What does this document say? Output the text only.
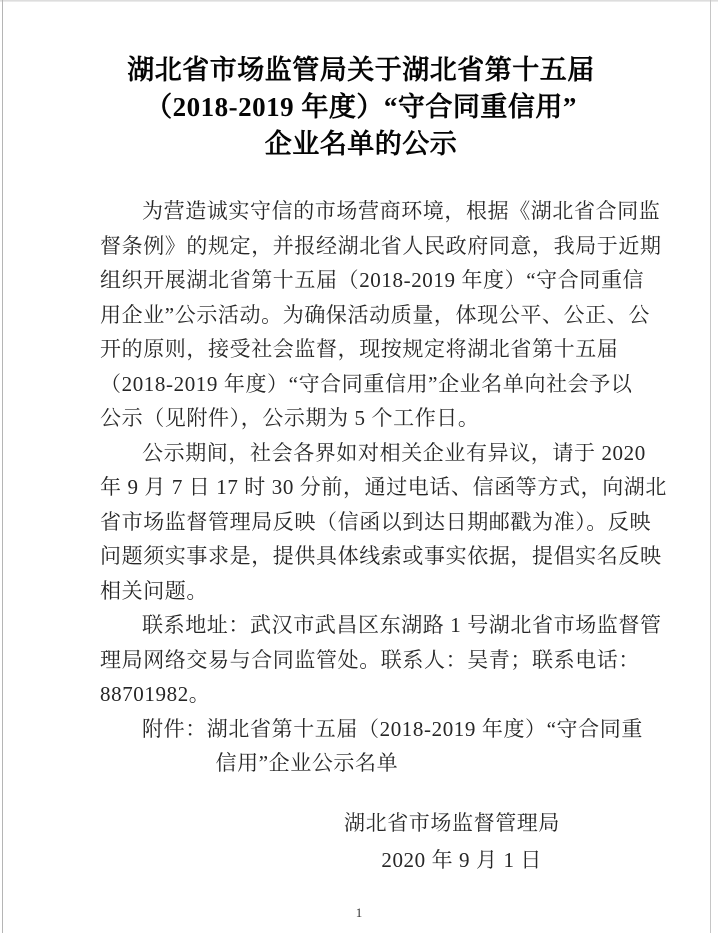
湖北省市场监管局关于湖北省第十五届
（2018-2019 年度）“守合同重信用”
企业名单的公示
为营造诚实守信的市场营商环境，根据《湖北省合同监
督条例》的规定，并报经湖北省人民政府同意，我局于近期
组织开展湖北省第十五届（2018-2019 年度）“守合同重信
用企业”公示活动。为确保活动质量，体现公平、公正、公
开的原则，接受社会监督，现按规定将湖北省第十五届
（2018-2019 年度）“守合同重信用”企业名单向社会予以
公示（见附件），公示期为 5 个工作日。
公示期间，社会各界如对相关企业有异议，请于 2020
年 9 月 7 日 17 时 30 分前，通过电话、信函等方式，向湖北
省市场监督管理局反映（信函以到达日期邮戳为准）。反映
问题须实事求是，提供具体线索或事实依据，提倡实名反映
相关问题。
联系地址：武汉市武昌区东湖路 1 号湖北省市场监督管
理局网络交易与合同监管处。联系人：吴青；联系电话：
88701982。
附件：湖北省第十五届（2018-2019 年度）“守合同重
信用”企业公示名单
湖北省市场监督管理局
2020 年 9 月 1 日
1
